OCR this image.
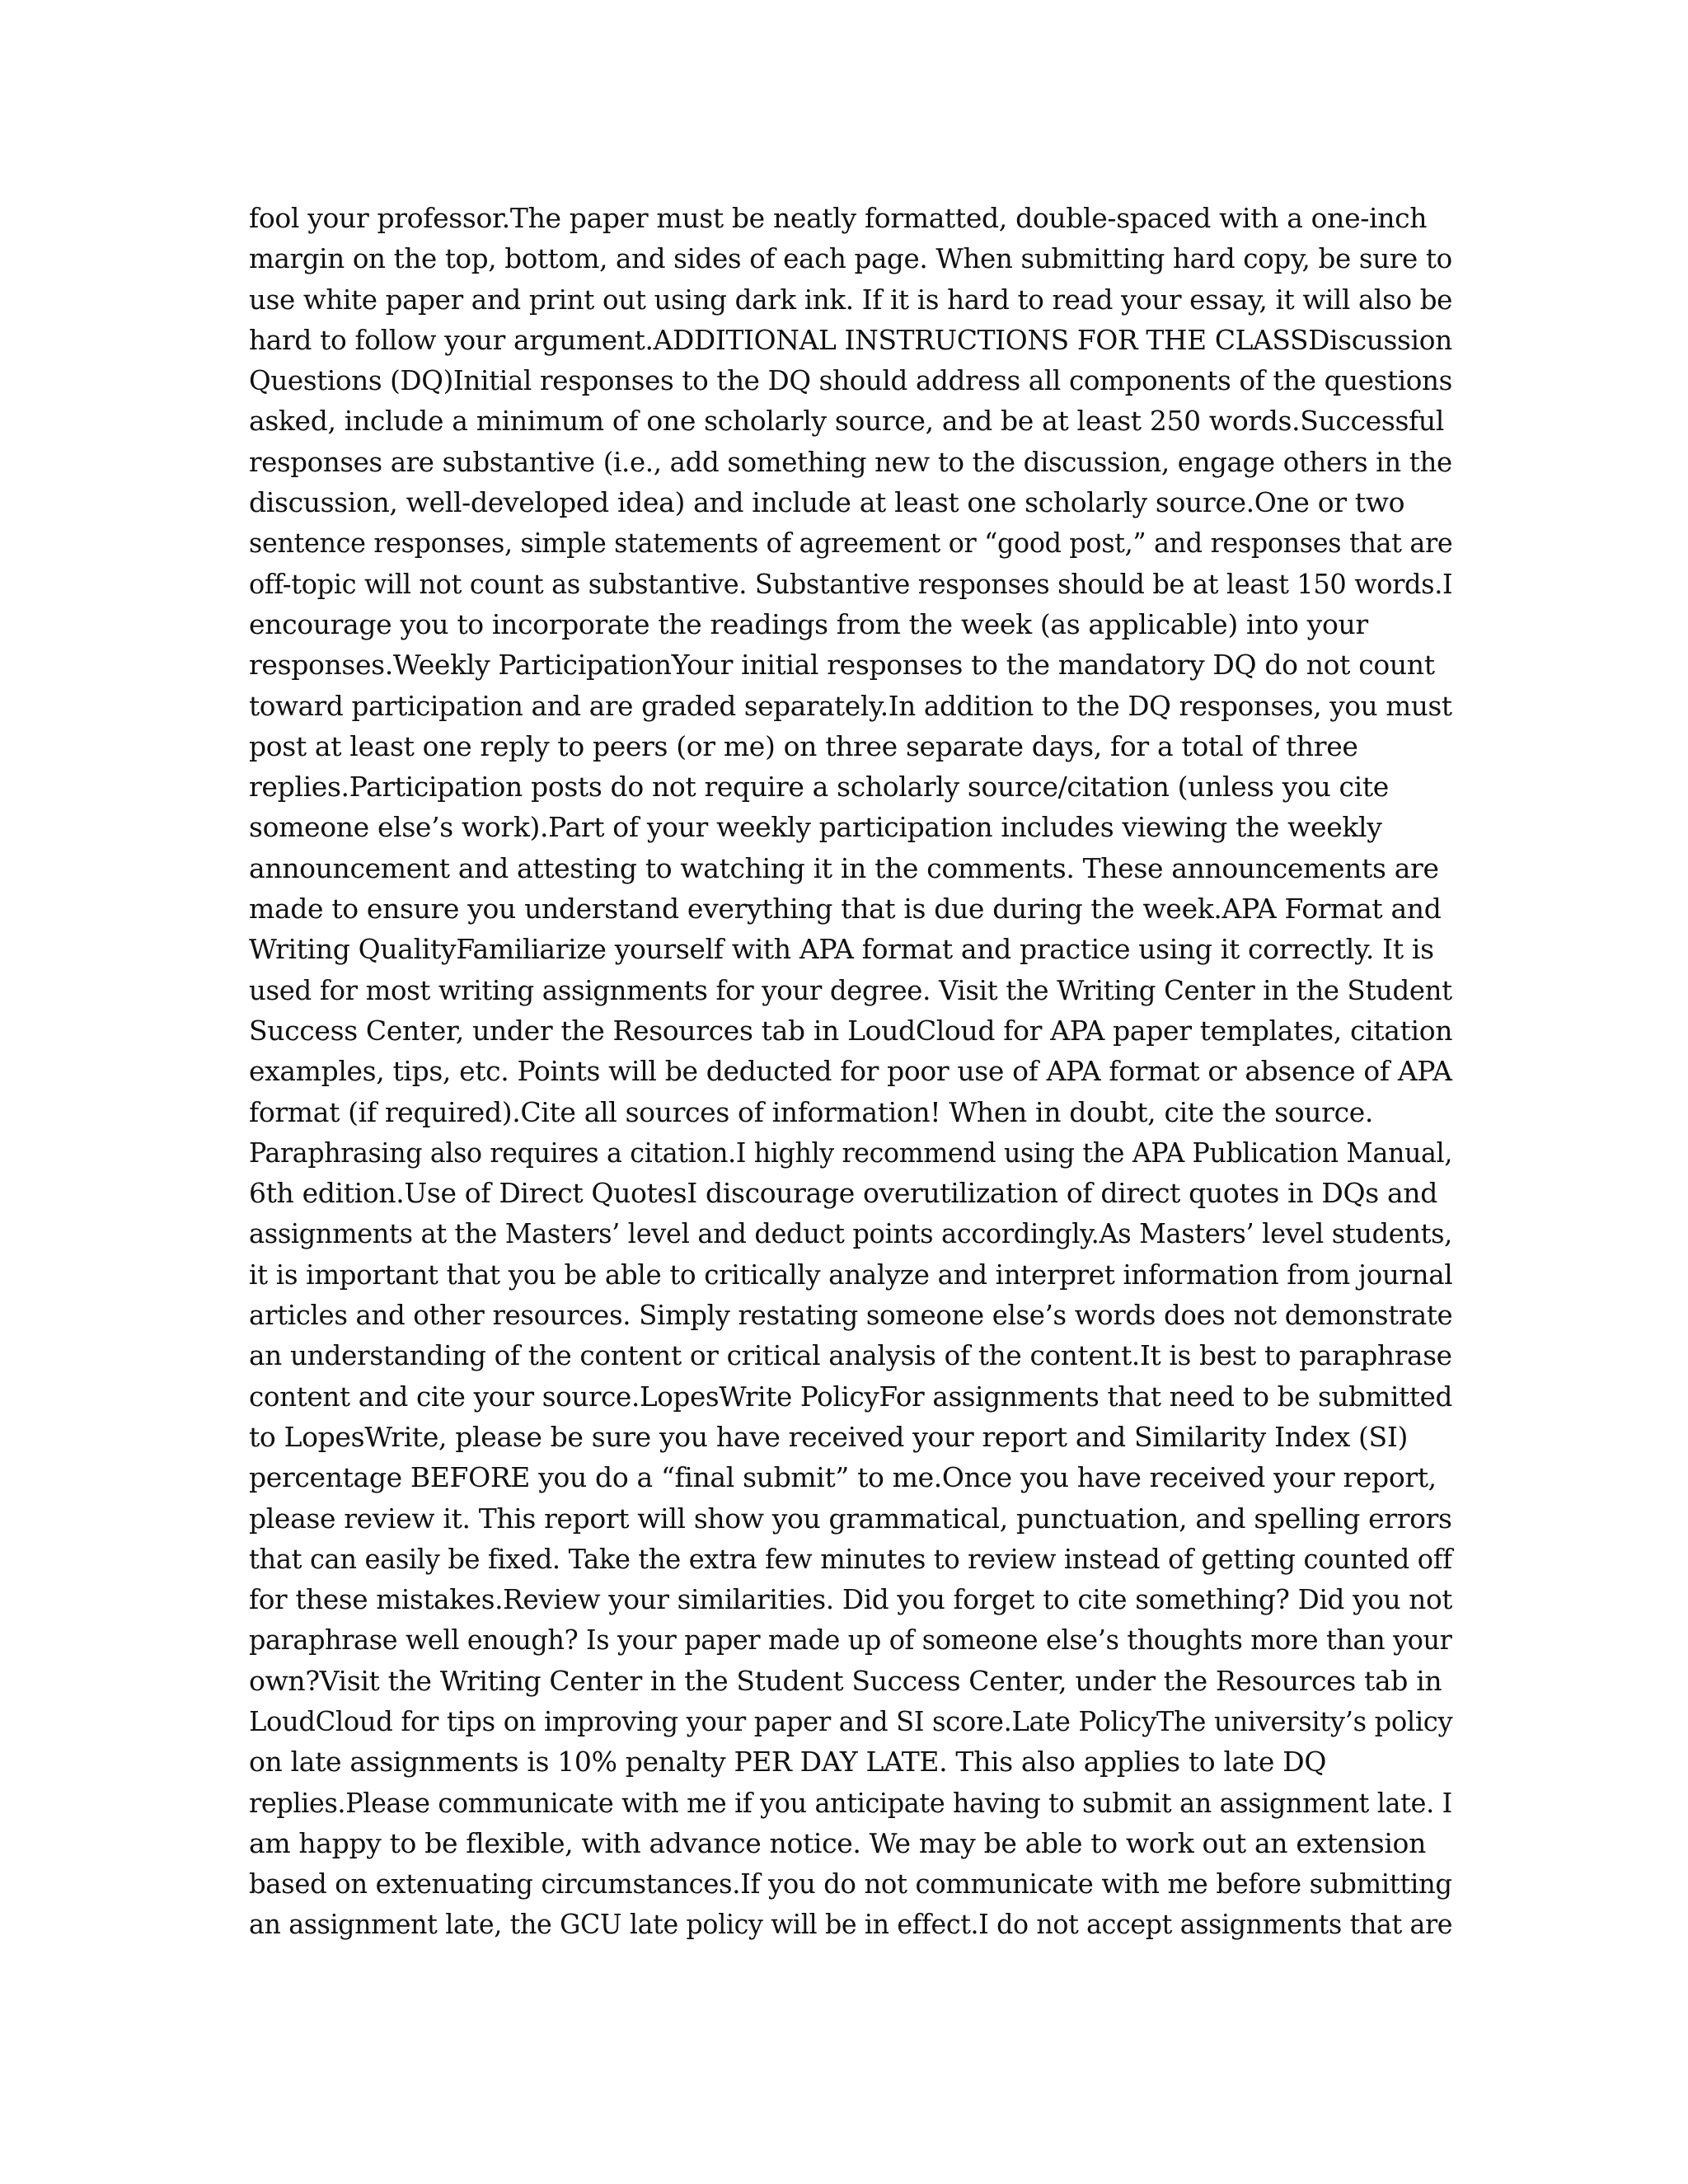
fool your professor.The paper must be neatly formatted, double-spaced with a one-inch
margin on the top, bottom, and sides of each page. When submitting hard copy, be sure to
use white paper and print out using dark ink. If it is hard to read your essay, it will also be
hard to follow your argument.ADDITIONAL INSTRUCTIONS FOR THE CLASSDiscussion
Questions (DQ)Initial responses to the DQ should address all components of the questions
asked, include a minimum of one scholarly source, and be at least 250 words.Successful
responses are substantive (i.e., add something new to the discussion, engage others in the
discussion, well-developed idea) and include at least one scholarly source.One or two
sentence responses, simple statements of agreement or “good post,” and responses that are
off-topic will not count as substantive. Substantive responses should be at least 150 words.I
encourage you to incorporate the readings from the week (as applicable) into your
responses.Weekly ParticipationYour initial responses to the mandatory DQ do not count
toward participation and are graded separately.In addition to the DQ responses, you must
post at least one reply to peers (or me) on three separate days, for a total of three
replies.Participation posts do not require a scholarly source/citation (unless you cite
someone else’s work).Part of your weekly participation includes viewing the weekly
announcement and attesting to watching it in the comments. These announcements are
made to ensure you understand everything that is due during the week.APA Format and
Writing QualityFamiliarize yourself with APA format and practice using it correctly. It is
used for most writing assignments for your degree. Visit the Writing Center in the Student
Success Center, under the Resources tab in LoudCloud for APA paper templates, citation
examples, tips, etc. Points will be deducted for poor use of APA format or absence of APA
format (if required).Cite all sources of information! When in doubt, cite the source.
Paraphrasing also requires a citation.I highly recommend using the APA Publication Manual,
6th edition.Use of Direct QuotesI discourage overutilization of direct quotes in DQs and
assignments at the Masters’ level and deduct points accordingly.As Masters’ level students,
it is important that you be able to critically analyze and interpret information from journal
articles and other resources. Simply restating someone else’s words does not demonstrate
an understanding of the content or critical analysis of the content.It is best to paraphrase
content and cite your source.LopesWrite PolicyFor assignments that need to be submitted
to LopesWrite, please be sure you have received your report and Similarity Index (SI)
percentage BEFORE you do a “final submit” to me.Once you have received your report,
please review it. This report will show you grammatical, punctuation, and spelling errors
that can easily be fixed. Take the extra few minutes to review instead of getting counted off
for these mistakes.Review your similarities. Did you forget to cite something? Did you not
paraphrase well enough? Is your paper made up of someone else’s thoughts more than your
own?Visit the Writing Center in the Student Success Center, under the Resources tab in
LoudCloud for tips on improving your paper and SI score.Late PolicyThe university’s policy
on late assignments is 10% penalty PER DAY LATE. This also applies to late DQ
replies.Please communicate with me if you anticipate having to submit an assignment late. I
am happy to be flexible, with advance notice. We may be able to work out an extension
based on extenuating circumstances.If you do not communicate with me before submitting
an assignment late, the GCU late policy will be in effect.I do not accept assignments that are
